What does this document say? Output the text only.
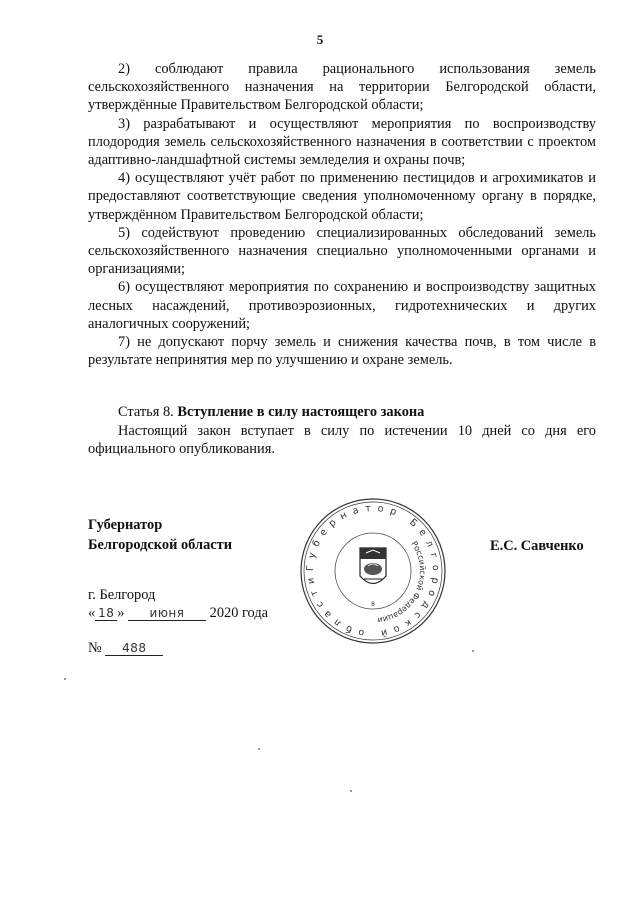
5

2) соблюдают правила рационального использования земель сельскохозяйственного назначения на территории Белгородской области, утверждённые Правительством Белгородской области;

3) разрабатывают и осуществляют мероприятия по воспроизводству плодородия земель сельскохозяйственного назначения в соответствии с проектом адаптивно-ландшафтной системы земледелия и охраны почв;

4) осуществляют учёт работ по применению пестицидов и агрохимикатов и предоставляют соответствующие сведения уполномоченному органу в порядке, утверждённом Правительством Белгородской области;

5) содействуют проведению специализированных обследований земель сельскохозяйственного назначения специально уполномоченными органами и организациями;

6) осуществляют мероприятия по сохранению и воспроизводству защитных лесных насаждений, противоэрозионных, гидротехнических и других аналогичных сооружений;

7) не допускают порчу земель и снижения качества почв, в том числе в результате непринятия мер по улучшению и охране земель.

Статья 8. Вступление в силу настоящего закона

Настоящий закон вступает в силу по истечении 10 дней со дня его официального опубликования.

Губернатор
Белгородской области
Губернатор Белгородской области
Российской Федерации
8
Е.С. Савченко
г. Белгород
« 18 » июня 2020 года
№ 488
